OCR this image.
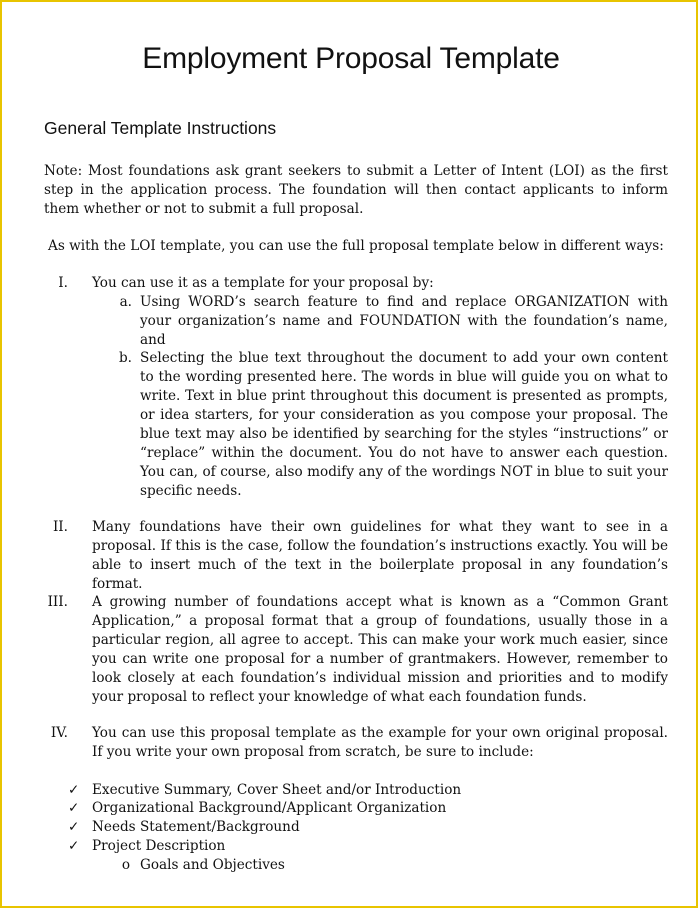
Employment Proposal Template
General Template Instructions
Note: Most foundations ask grant seekers to submit a Letter of Intent (LOI) as the first step in the application process. The foundation will then contact applicants to inform them whether or not to submit a full proposal.
As with the LOI template, you can use the full proposal template below in different ways:
I. You can use it as a template for your proposal by:
a. Using WORD’s search feature to find and replace ORGANIZATION with your organization’s name and FOUNDATION with the foundation’s name, and
b. Selecting the blue text throughout the document to add your own content to the wording presented here. The words in blue will guide you on what to write. Text in blue print throughout this document is presented as prompts, or idea starters, for your consideration as you compose your proposal. The blue text may also be identified by searching for the styles “instructions” or “replace” within the document. You do not have to answer each question. You can, of course, also modify any of the wordings NOT in blue to suit your specific needs.
II. Many foundations have their own guidelines for what they want to see in a proposal. If this is the case, follow the foundation’s instructions exactly. You will be able to insert much of the text in the boilerplate proposal in any foundation’s format.
III. A growing number of foundations accept what is known as a “Common Grant Application,” a proposal format that a group of foundations, usually those in a particular region, all agree to accept. This can make your work much easier, since you can write one proposal for a number of grantmakers. However, remember to look closely at each foundation’s individual mission and priorities and to modify your proposal to reflect your knowledge of what each foundation funds.
IV. You can use this proposal template as the example for your own original proposal. If you write your own proposal from scratch, be sure to include:
✓ Executive Summary, Cover Sheet and/or Introduction
✓ Organizational Background/Applicant Organization
✓ Needs Statement/Background
✓ Project Description
o Goals and Objectives
